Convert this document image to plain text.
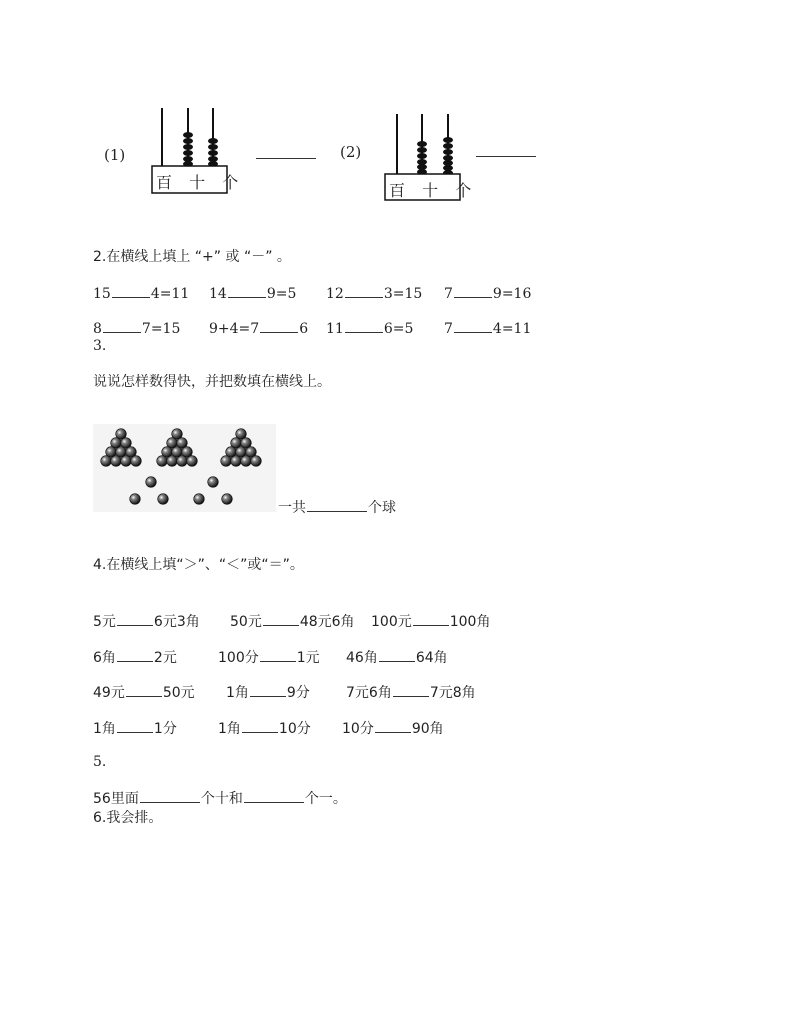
(1)
百 十 个
(2)
百 十 个
2.在横线上填上 “+” 或 “－” 。
15	4=11 14	9=5 12	3=15 7	9=16
8	7=15 9+4=7	6 11	6=5 7	4=11
3.
说说怎样数得快，并把数填在横线上。
一共	个球
4.在横线上填“＞”、“＜”或“＝”。
5元	6元3角 50元	48元6角 100元	100角
6角	2元	100分	1元 46角	64角
49元	50元 1角	9分	7元6角	7元8角
1角	1分	1角	10分 10分	90角
5.
56里面	个十和	个一。
6.我会排。
